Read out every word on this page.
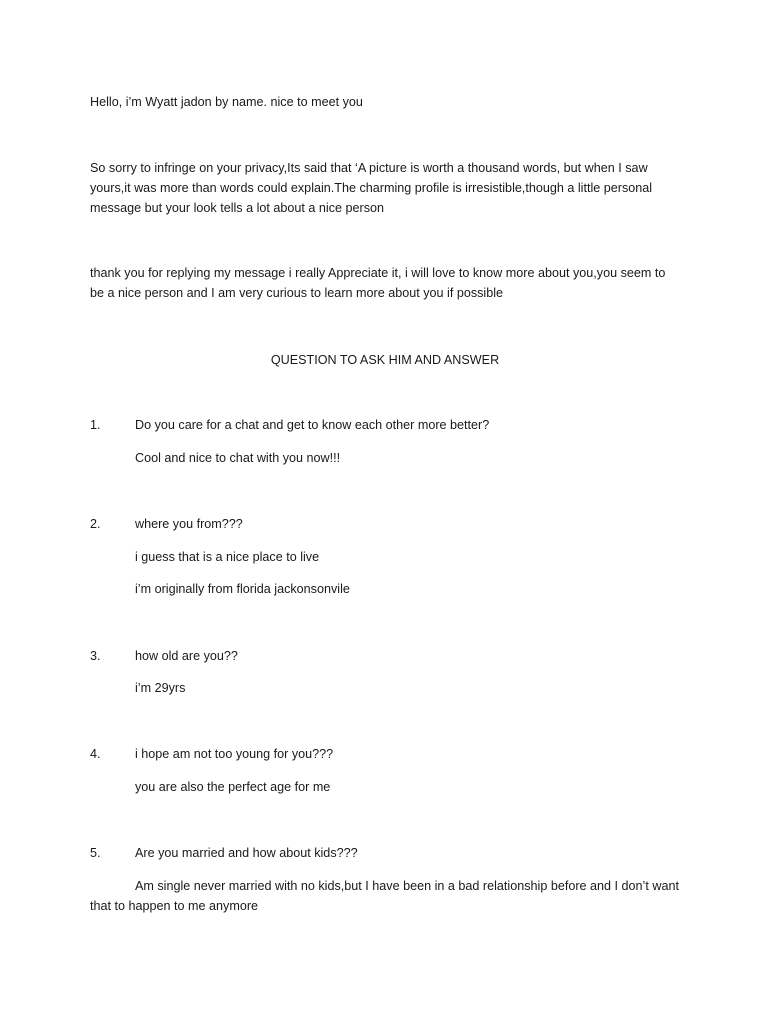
Hello, i’m Wyatt jadon by name. nice to meet you

So sorry to infringe on your privacy,Its said that ‘A picture is worth a thousand words, but when I saw yours,it was more than words could explain.The charming profile is irresistible,though a little personal message but your look tells a lot about a nice person

thank you for replying my message i really Appreciate it, i will love to know more about you,you seem to be a nice person and I am very curious to learn more about you if possible

QUESTION TO ASK HIM AND ANSWER

1.	Do you care for a chat and get to know each other more better?

Cool and nice to chat with you now!!!

2.	where you from???

i guess that is a nice place to live

i’m originally from florida jackonsonvile

3.	how old are you??

i’m 29yrs

4.	i hope am not too young for you???

you are also the perfect age for me

5.	Are you married and how about kids???

Am single never married with no kids,but I have been in a bad relationship before and I don’t want that to happen to me anymore
